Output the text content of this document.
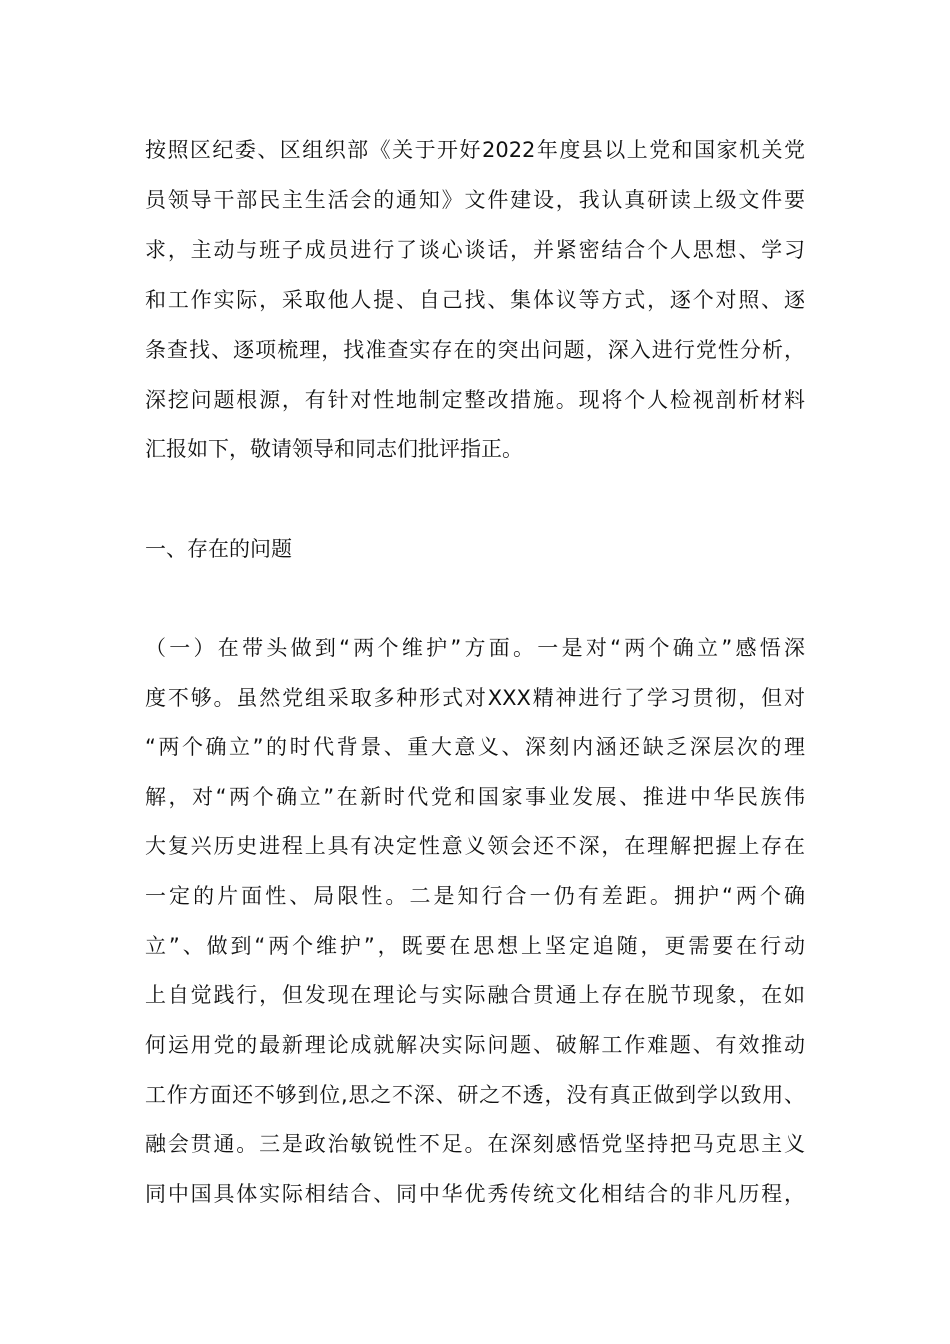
按照区纪委、区组织部《关于开好2022年度县以上党和国家机关党
员领导干部民主生活会的通知》文件建设，我认真研读上级文件要
求，主动与班子成员进行了谈心谈话，并紧密结合个人思想、学习
和工作实际，采取他人提、自己找、集体议等方式，逐个对照、逐
条查找、逐项梳理，找准查实存在的突出问题，深入进行党性分析，
深挖问题根源，有针对性地制定整改措施。现将个人检视剖析材料
汇报如下，敬请领导和同志们批评指正。
一、存在的问题
（一）在带头做到“两个维护”方面。一是对“两个确立”感悟深
度不够。虽然党组采取多种形式对XXX精神进行了学习贯彻，但对
“两个确立”的时代背景、重大意义、深刻内涵还缺乏深层次的理
解，对“两个确立”在新时代党和国家事业发展、推进中华民族伟
大复兴历史进程上具有决定性意义领会还不深，在理解把握上存在
一定的片面性、局限性。二是知行合一仍有差距。拥护“两个确
立”、做到“两个维护”，既要在思想上坚定追随，更需要在行动
上自觉践行，但发现在理论与实际融合贯通上存在脱节现象，在如
何运用党的最新理论成就解决实际问题、破解工作难题、有效推动
工作方面还不够到位,思之不深、研之不透，没有真正做到学以致用、
融会贯通。三是政治敏锐性不足。在深刻感悟党坚持把马克思主义
同中国具体实际相结合、同中华优秀传统文化相结合的非凡历程，
